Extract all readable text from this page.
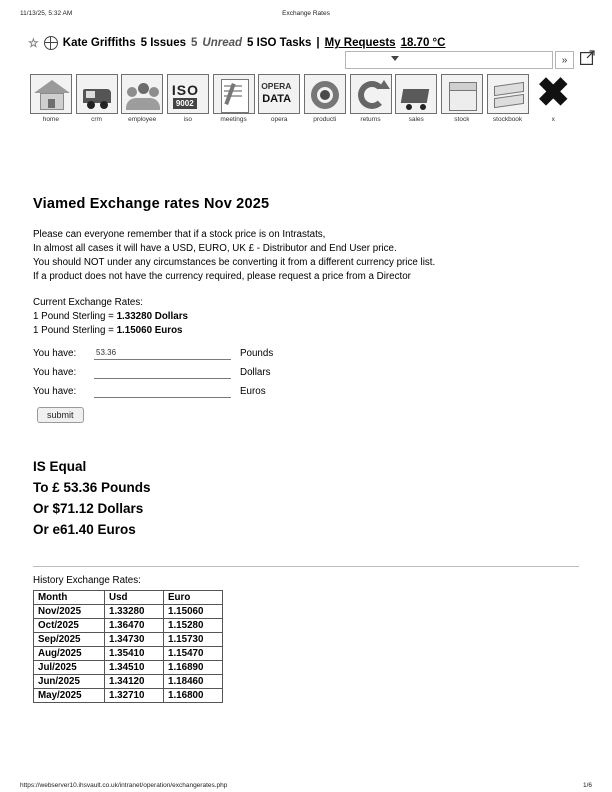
11/13/25, 5:32 AM	Exchange Rates
☆ Kate Griffiths 5 Issues 5 Unread 5 ISO Tasks | My Requests 18.70 °C
»
home	crm	employee
ISO
9002
iso	meetings
OPERA
DATA
opera	producti	returns	sales	stock	stockbook
✖
x
Viamed Exchange rates Nov 2025

Please can everyone remember that if a stock price is on Intrastats,
In almost all cases it will have a USD, EURO, UK £ - Distributor and End User price.
You should NOT under any circumstances be converting it from a different currency price list.
If a product does not have the currency required, please request a price from a Director

Current Exchange Rates:
1 Pound Sterling = 1.33280 Dollars
1 Pound Sterling = 1.15060 Euros
You have:
53.36	Pounds
You have:	Dollars
You have:	Euros
submit
IS Equal
To £ 53.36 Pounds
Or $71.12 Dollars
Or e61.40 Euros
History Exchange Rates:
Month	Usd	Euro
Nov/2025	1.33280	1.15060
Oct/2025	1.36470	1.15280
Sep/2025	1.34730	1.15730
Aug/2025	1.35410	1.15470
Jul/2025	1.34510	1.16890
Jun/2025	1.34120	1.18460
May/2025	1.32710	1.16800
https://webserver10.ihsvault.co.uk/intranet/operation/exchangerates.php	1/6
